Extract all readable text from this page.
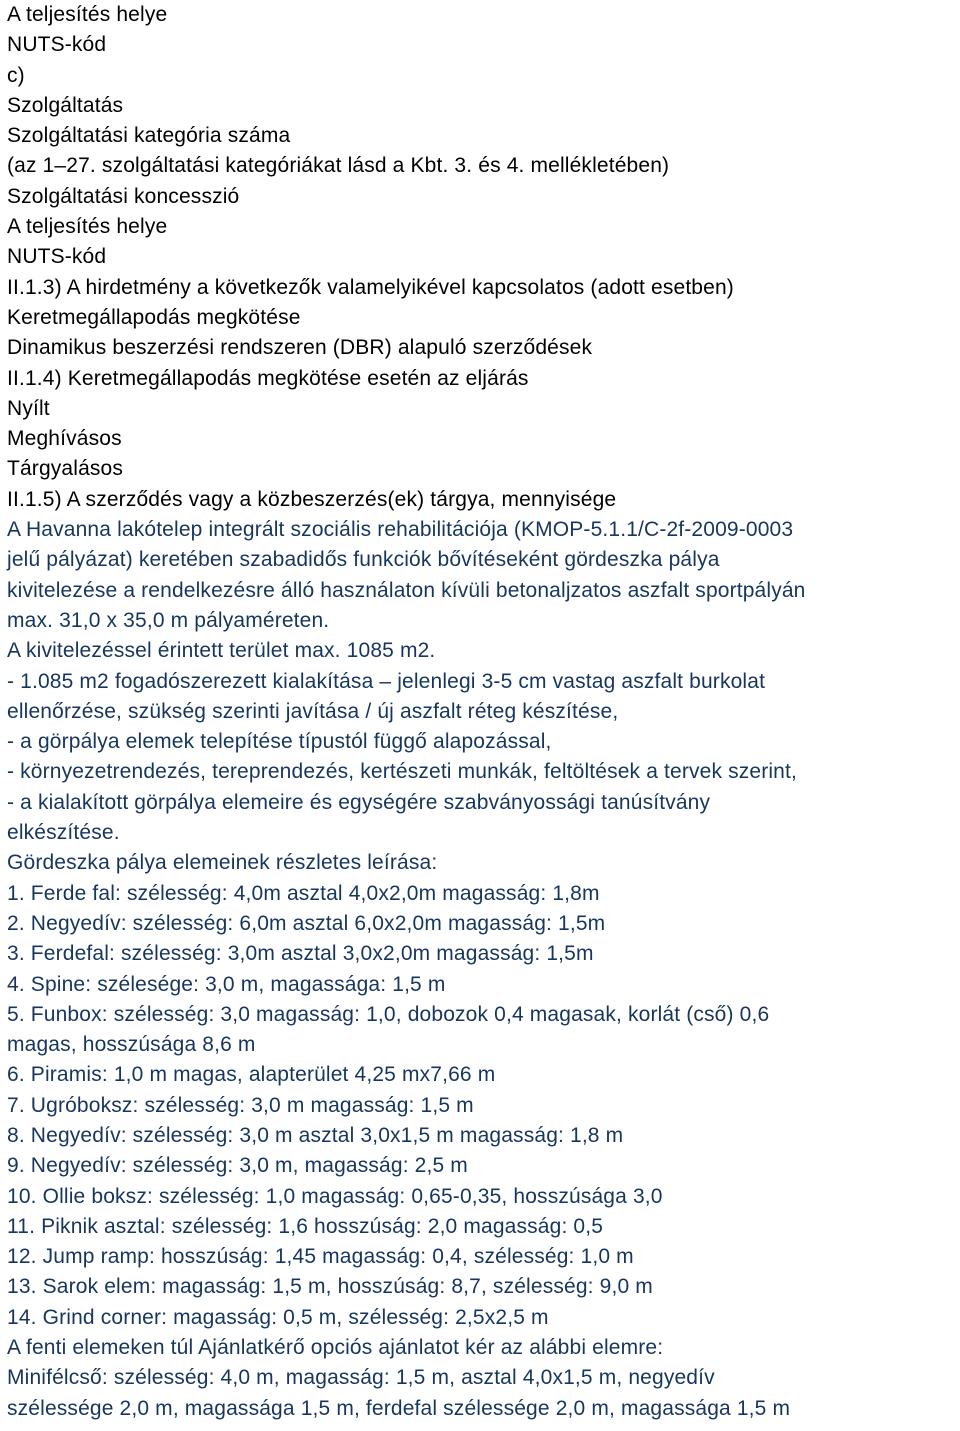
A teljesítés helye
NUTS-kód
c)
Szolgáltatás
Szolgáltatási kategória száma
(az 1–27. szolgáltatási kategóriákat lásd a Kbt. 3. és 4. mellékletében)
Szolgáltatási koncesszió
A teljesítés helye
NUTS-kód
II.1.3) A hirdetmény a következők valamelyikével kapcsolatos (adott esetben)
Keretmegállapodás megkötése
Dinamikus beszerzési rendszeren (DBR) alapuló szerződések
II.1.4) Keretmegállapodás megkötése esetén az eljárás
Nyílt
Meghívásos
Tárgyalásos
II.1.5) A szerződés vagy a közbeszerzés(ek) tárgya, mennyisége
A Havanna lakótelep integrált szociális rehabilitációja (KMOP-5.1.1/C-2f-2009-0003
jelű pályázat) keretében szabadidős funkciók bővítéseként gördeszka pálya
kivitelezése a rendelkezésre álló használaton kívüli betonaljzatos aszfalt sportpályán
max. 31,0 x 35,0 m pályaméreten.
A kivitelezéssel érintett terület max. 1085 m2.
- 1.085 m2 fogadószerezett kialakítása – jelenlegi 3-5 cm vastag aszfalt burkolat
ellenőrzése, szükség szerinti javítása / új aszfalt réteg készítése,
- a görpálya elemek telepítése típustól függő alapozással,
- környezetrendezés, tereprendezés, kertészeti munkák, feltöltések a tervek szerint,
- a kialakított görpálya elemeire és egységére szabványossági tanúsítvány
elkészítése.
Gördeszka pálya elemeinek részletes leírása:
1. Ferde fal: szélesség: 4,0m asztal 4,0x2,0m magasság: 1,8m
2. Negyedív: szélesség: 6,0m asztal 6,0x2,0m magasság: 1,5m
3. Ferdefal: szélesség: 3,0m asztal 3,0x2,0m magasság: 1,5m
4. Spine: szélesége: 3,0 m, magassága: 1,5 m
5. Funbox: szélesség: 3,0 magasság: 1,0, dobozok 0,4 magasak, korlát (cső) 0,6
magas, hosszúsága 8,6 m
6. Piramis: 1,0 m magas, alapterület 4,25 mx7,66 m
7. Ugróboksz: szélesség: 3,0 m magasság: 1,5 m
8. Negyedív: szélesség: 3,0 m asztal 3,0x1,5 m magasság: 1,8 m
9. Negyedív: szélesség: 3,0 m, magasság: 2,5 m
10. Ollie boksz: szélesség: 1,0 magasság: 0,65-0,35, hosszúsága 3,0
11. Piknik asztal: szélesség: 1,6 hosszúság: 2,0 magasság: 0,5
12. Jump ramp: hosszúság: 1,45 magasság: 0,4, szélesség: 1,0 m
13. Sarok elem: magasság: 1,5 m, hosszúság: 8,7, szélesség: 9,0 m
14. Grind corner: magasság: 0,5 m, szélesség: 2,5x2,5 m
A fenti elemeken túl Ajánlatkérő opciós ajánlatot kér az alábbi elemre:
Minifélcső: szélesség: 4,0 m, magasság: 1,5 m, asztal 4,0x1,5 m, negyedív
szélessége 2,0 m, magassága 1,5 m, ferdefal szélessége 2,0 m, magassága 1,5 m
